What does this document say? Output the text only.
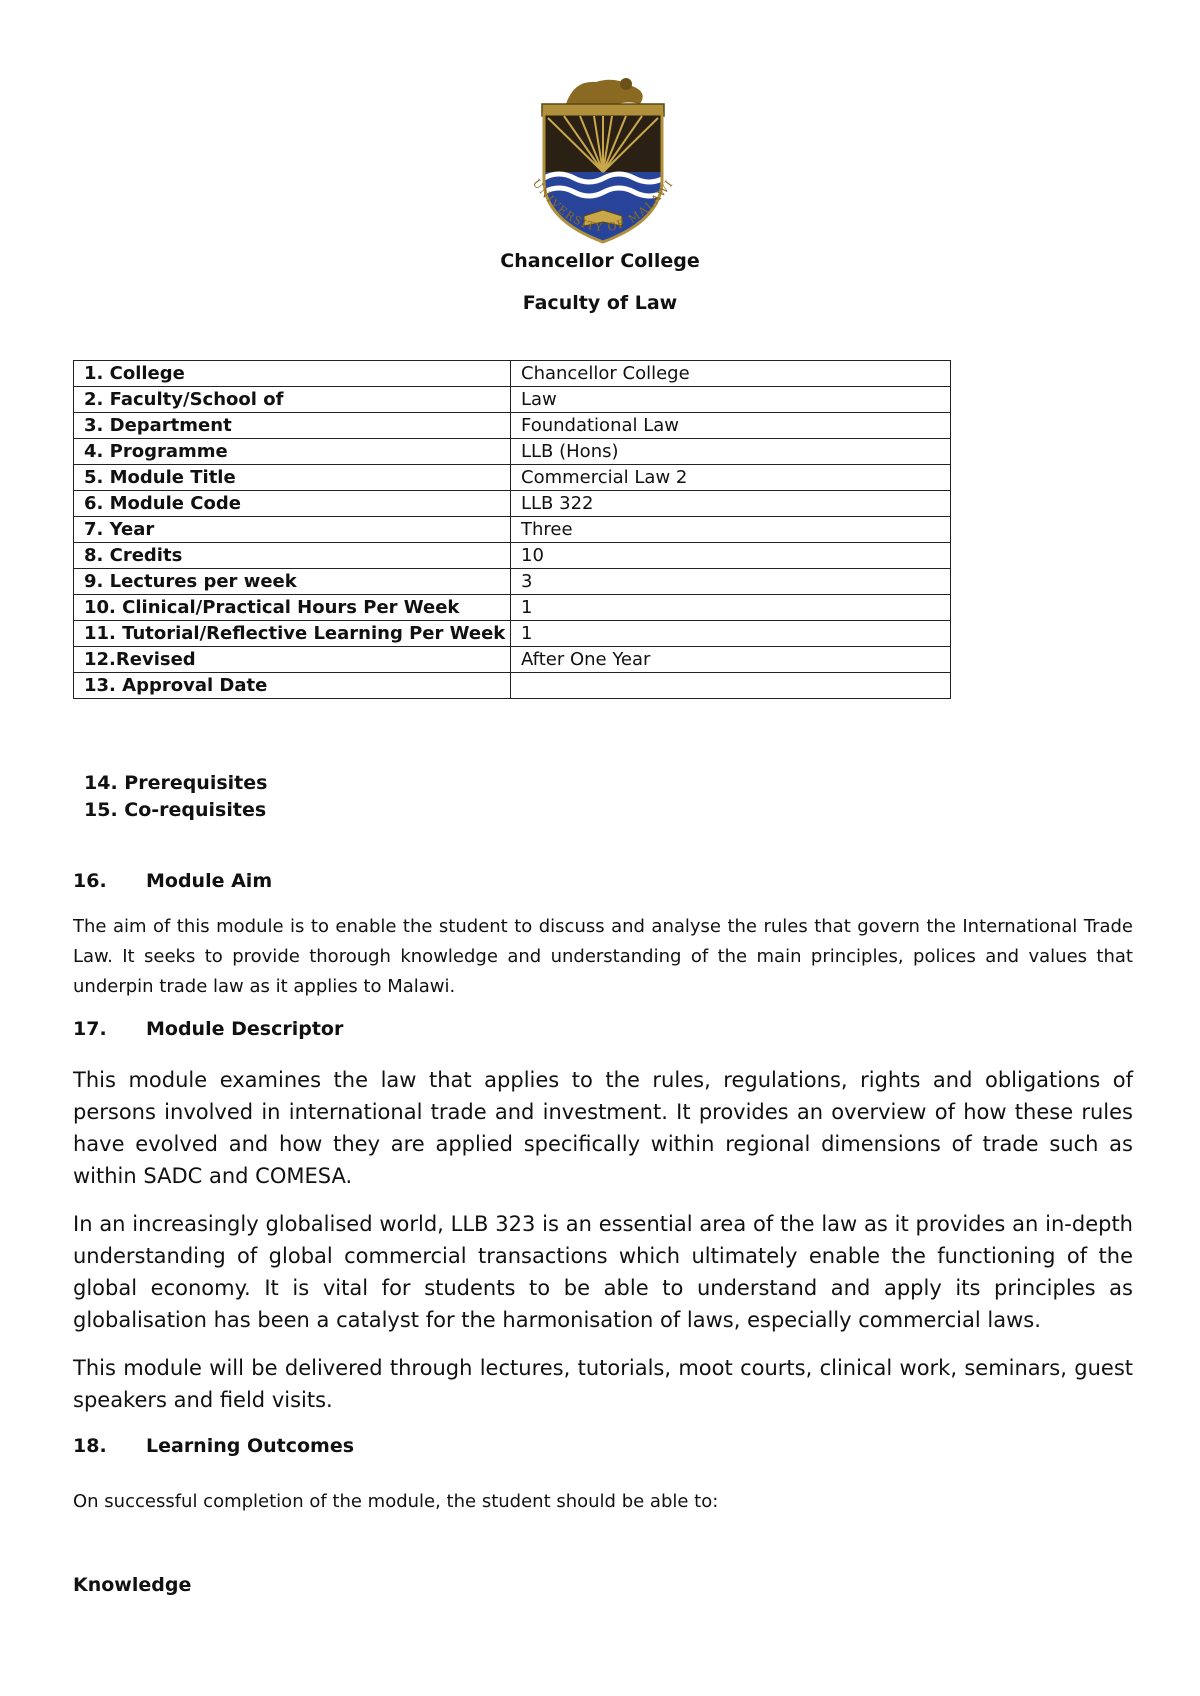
UNIVERSITY OF MALAWI

Chancellor College

Faculty of Law

1. College	Chancellor College
2. Faculty/School of	Law
3. Department	Foundational Law
4. Programme	LLB (Hons)
5. Module Title	Commercial Law 2
6. Module Code	LLB 322
7. Year	Three
8. Credits	10
9. Lectures per week	3
10. Clinical/Practical Hours Per Week	1
11. Tutorial/Reflective Learning Per Week	1
12.Revised	After One Year
13. Approval Date	

14. Prerequisites

15. Co-requisites

16. Module Aim

The aim of this module is to enable the student to discuss and analyse the rules that govern the International Trade Law. It seeks to provide thorough knowledge and understanding of the main principles, polices and values that underpin trade law as it applies to Malawi.

17. Module Descriptor

This module examines the law that applies to the rules, regulations, rights and obligations of persons involved in international trade and investment. It provides an overview of how these rules have evolved and how they are applied specifically within regional dimensions of trade such as within SADC and COMESA.

In an increasingly globalised world, LLB 323 is an essential area of the law as it provides an in-depth understanding of global commercial transactions which ultimately enable the functioning of the global economy. It is vital for students to be able to understand and apply its principles as globalisation has been a catalyst for the harmonisation of laws, especially commercial laws.

This module will be delivered through lectures, tutorials, moot courts, clinical work, seminars, guest speakers and field visits.

18. Learning Outcomes

On successful completion of the module, the student should be able to:

Knowledge
